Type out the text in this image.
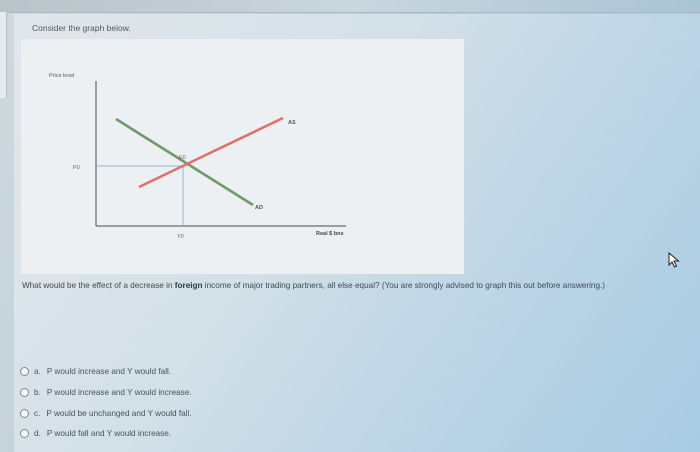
Consider the graph below.
Price level
P0
Y0
E0
AS
AD
Real $ bns
What would be the effect of a decrease in foreign income of major trading partners, all else equal? (You are strongly advised to graph this out before answering.)
a. P would increase and Y would fall.
b. P would increase and Y would increase.
c. P would be unchanged and Y would fall.
d. P would fall and Y would increase.
